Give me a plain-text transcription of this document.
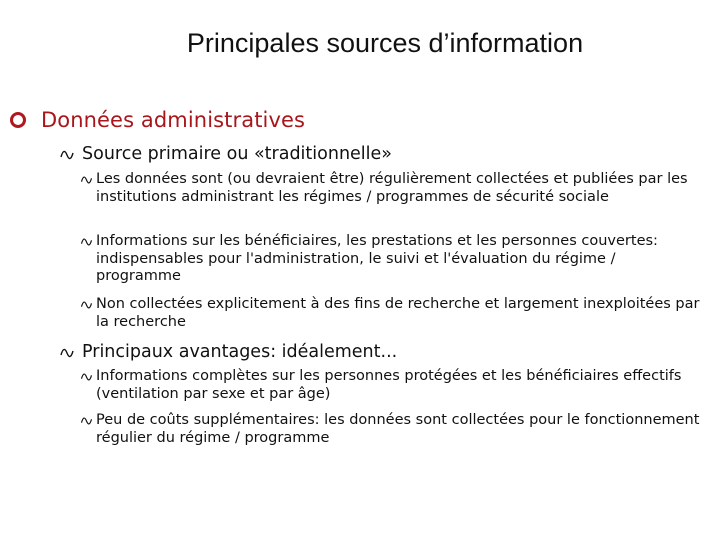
Principales sources d’information
Données administratives
Source primaire ou «traditionnelle»
Les données sont (ou devraient être) régulièrement collectées et publiées par les institutions administrant les régimes / programmes de sécurité sociale
Informations sur les bénéficiaires, les prestations et les personnes couvertes: indispensables pour l'administration, le suivi et l'évaluation du régime / programme
Non collectées explicitement à des fins de recherche et largement inexploitées par la recherche
Principaux avantages: idéalement...
Informations complètes sur les personnes protégées et les bénéficiaires effectifs (ventilation par sexe et par âge)
Peu de coûts supplémentaires: les données sont collectées pour le fonctionnement régulier du régime / programme
